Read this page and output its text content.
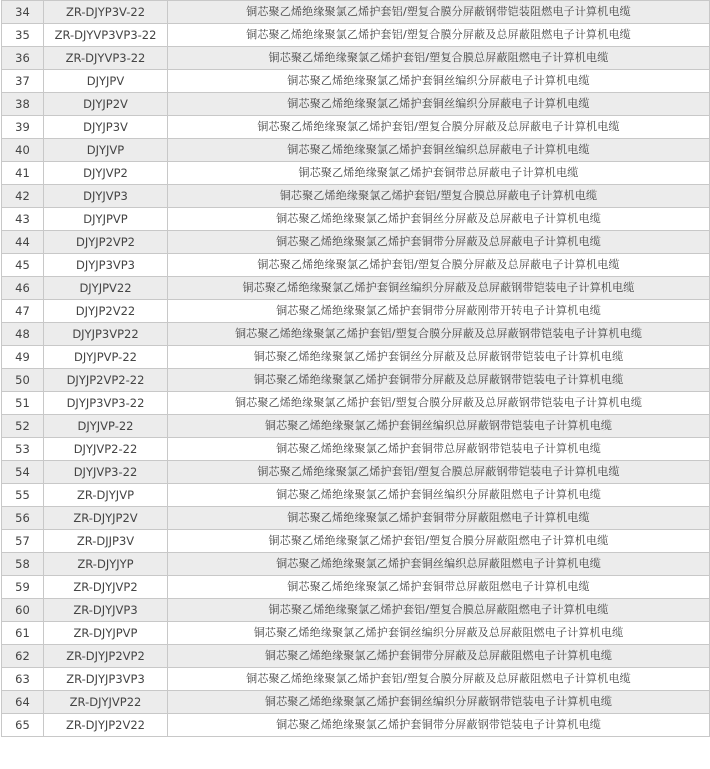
34	ZR-DJYP3V-22	铜芯聚乙烯绝缘聚氯乙烯护套铝/塑复合膜分屏蔽钢带铠装阻燃电子计算机电缆
35	ZR-DJYVP3VP3-22	铜芯聚乙烯绝缘聚氯乙烯护套铝/塑复合膜分屏蔽及总屏蔽阻燃电子计算机电缆
36	ZR-DJYVP3-22	铜芯聚乙烯绝缘聚氯乙烯护套铝/塑复合膜总屏蔽阻燃电子计算机电缆
37	DJYJPV	铜芯聚乙烯绝缘聚氯乙烯护套铜丝编织分屏蔽电子计算机电缆
38	DJYJP2V	铜芯聚乙烯绝缘聚氯乙烯护套铜丝编织分屏蔽电子计算机电缆
39	DJYJP3V	铜芯聚乙烯绝缘聚氯乙烯护套铝/塑复合膜分屏蔽及总屏蔽电子计算机电缆
40	DJYJVP	铜芯聚乙烯绝缘聚氯乙烯护套铜丝编织总屏蔽电子计算机电缆
41	DJYJVP2	铜芯聚乙烯绝缘聚氯乙烯护套铜带总屏蔽电子计算机电缆
42	DJYJVP3	铜芯聚乙烯绝缘聚氯乙烯护套铝/塑复合膜总屏蔽电子计算机电缆
43	DJYJPVP	铜芯聚乙烯绝缘聚氯乙烯护套铜丝分屏蔽及总屏蔽电子计算机电缆
44	DJYJP2VP2	铜芯聚乙烯绝缘聚氯乙烯护套铜带分屏蔽及总屏蔽电子计算机电缆
45	DJYJP3VP3	铜芯聚乙烯绝缘聚氯乙烯护套铝/塑复合膜分屏蔽及总屏蔽电子计算机电缆
46	DJYJPV22	铜芯聚乙烯绝缘聚氯乙烯护套铜丝编织分屏蔽及总屏蔽钢带铠装电子计算机电缆
47	DJYJP2V22	铜芯聚乙烯绝缘聚氯乙烯护套铜带分屏蔽刚带开转电子计算机电缆
48	DJYJP3VP22	铜芯聚乙烯绝缘聚氯乙烯护套铝/塑复合膜分屏蔽及总屏蔽钢带铠装电子计算机电缆
49	DJYJPVP-22	铜芯聚乙烯绝缘聚氯乙烯护套铜丝分屏蔽及总屏蔽钢带铠装电子计算机电缆
50	DJYJP2VP2-22	铜芯聚乙烯绝缘聚氯乙烯护套铜带分屏蔽及总屏蔽钢带铠装电子计算机电缆
51	DJYJP3VP3-22	铜芯聚乙烯绝缘聚氯乙烯护套铝/塑复合膜分屏蔽及总屏蔽钢带铠装电子计算机电缆
52	DJYJVP-22	铜芯聚乙烯绝缘聚氯乙烯护套铜丝编织总屏蔽钢带铠装电子计算机电缆
53	DJYJVP2-22	铜芯聚乙烯绝缘聚氯乙烯护套铜带总屏蔽钢带铠装电子计算机电缆
54	DJYJVP3-22	铜芯聚乙烯绝缘聚氯乙烯护套铝/塑复合膜总屏蔽钢带铠装电子计算机电缆
55	ZR-DJYJVP	铜芯聚乙烯绝缘聚氯乙烯护套铜丝编织分屏蔽阻燃电子计算机电缆
56	ZR-DJYJP2V	铜芯聚乙烯绝缘聚氯乙烯护套铜带分屏蔽阻燃电子计算机电缆
57	ZR-DJJP3V	铜芯聚乙烯绝缘聚氯乙烯护套铝/塑复合膜分屏蔽阻燃电子计算机电缆
58	ZR-DJYJYP	铜芯聚乙烯绝缘聚氯乙烯护套铜丝编织总屏蔽阻燃电子计算机电缆
59	ZR-DJYJVP2	铜芯聚乙烯绝缘聚氯乙烯护套铜带总屏蔽阻燃电子计算机电缆
60	ZR-DJYJVP3	铜芯聚乙烯绝缘聚氯乙烯护套铝/塑复合膜总屏蔽阻燃电子计算机电缆
61	ZR-DJYJPVP	铜芯聚乙烯绝缘聚氯乙烯护套铜丝编织分屏蔽及总屏蔽阻燃电子计算机电缆
62	ZR-DJYJP2VP2	铜芯聚乙烯绝缘聚氯乙烯护套铜带分屏蔽及总屏蔽阻燃电子计算机电缆
63	ZR-DJYJP3VP3	铜芯聚乙烯绝缘聚氯乙烯护套铝/塑复合膜分屏蔽及总屏蔽阻燃电子计算机电缆
64	ZR-DJYJVP22	铜芯聚乙烯绝缘聚氯乙烯护套铜丝编织分屏蔽钢带铠装电子计算机电缆
65	ZR-DJYJP2V22	铜芯聚乙烯绝缘聚氯乙烯护套铜带分屏蔽钢带铠装电子计算机电缆
